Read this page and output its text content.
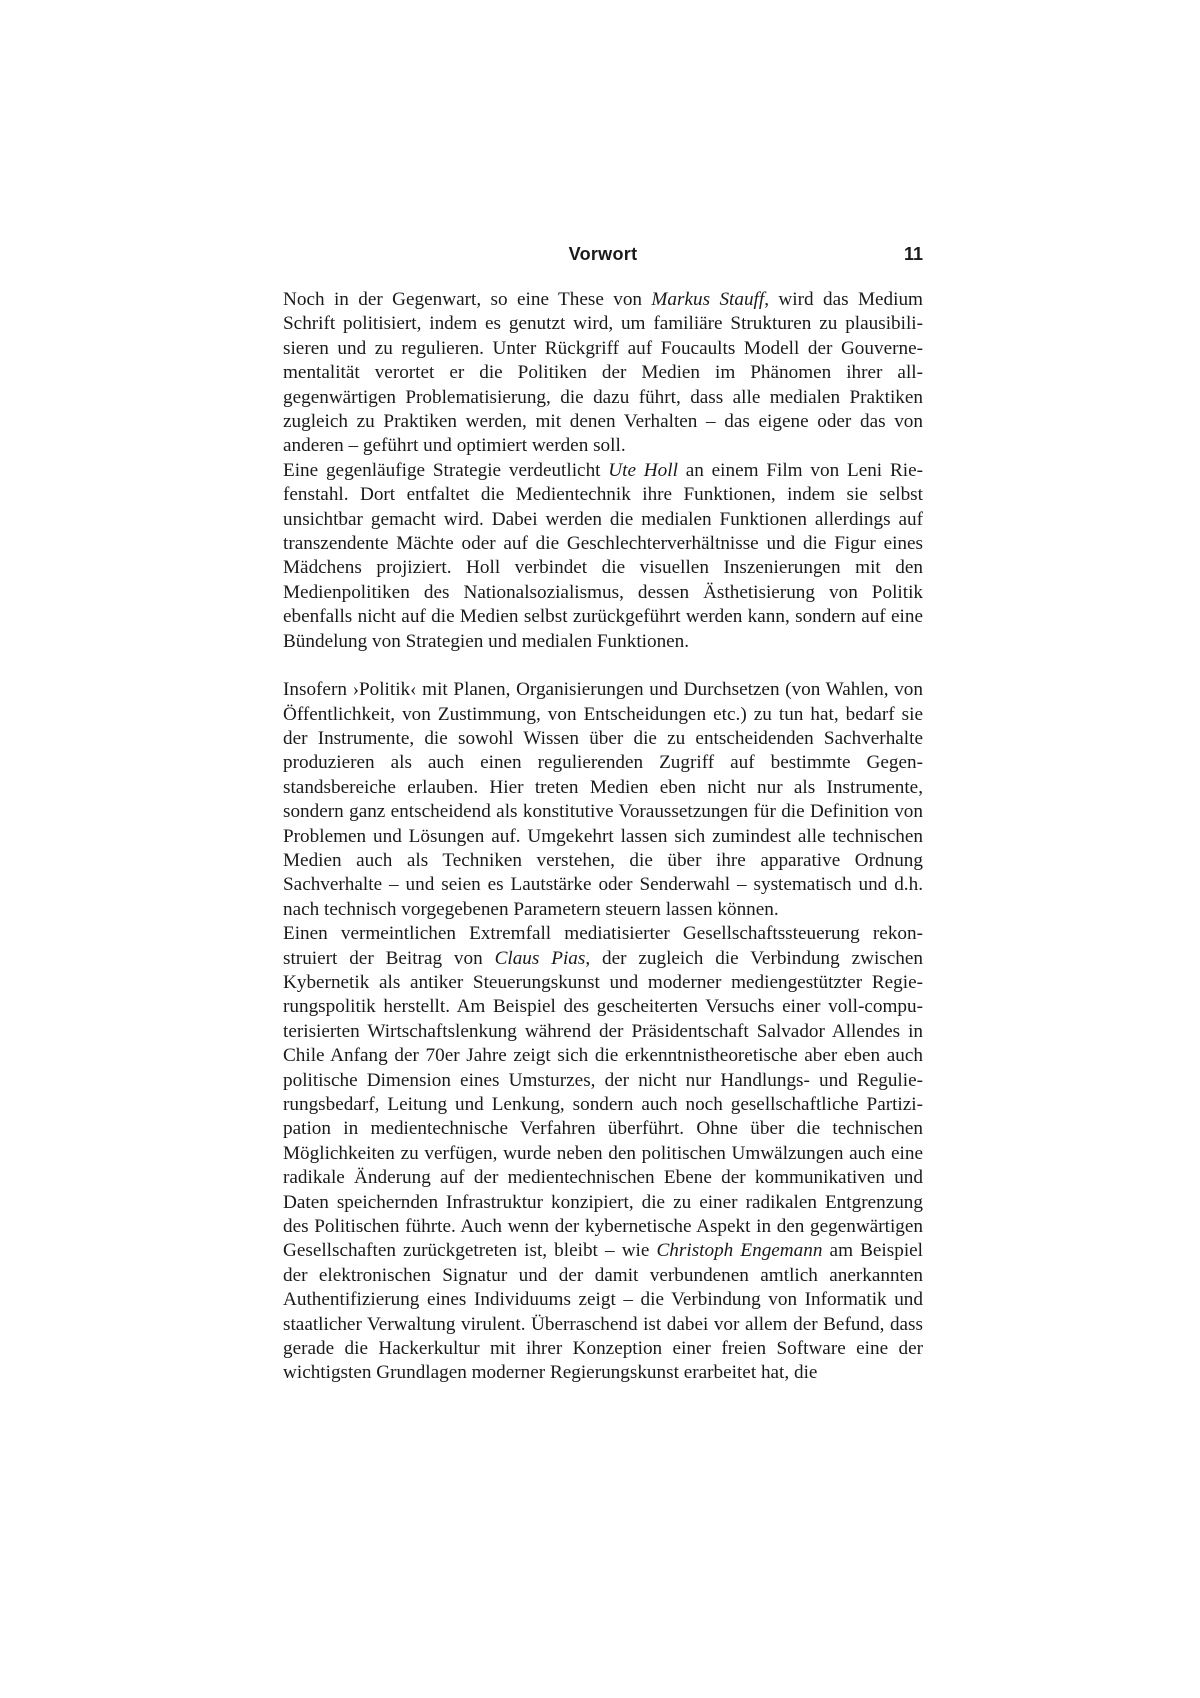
Vorwort	11

Noch in der Gegenwart, so eine These von Markus Stauff, wird das Medium Schrift politisiert, indem es genutzt wird, um familiäre Strukturen zu plausibilisieren und zu regulieren. Unter Rückgriff auf Foucaults Modell der Gouvernementalität verortet er die Politiken der Medien im Phänomen ihrer allgegenwärtigen Problematisierung, die dazu führt, dass alle medialen Praktiken zugleich zu Praktiken werden, mit denen Verhalten – das eigene oder das von anderen – geführt und optimiert werden soll.

Eine gegenläufige Strategie verdeutlicht Ute Holl an einem Film von Leni Riefenstahl. Dort entfaltet die Medientechnik ihre Funktionen, indem sie selbst unsichtbar gemacht wird. Dabei werden die medialen Funktionen allerdings auf transzendente Mächte oder auf die Geschlechterverhältnisse und die Figur eines Mädchens projiziert. Holl verbindet die visuellen Inszenierungen mit den Medienpolitiken des Nationalsozialismus, dessen Ästhetisierung von Politik ebenfalls nicht auf die Medien selbst zurückgeführt werden kann, sondern auf eine Bündelung von Strategien und medialen Funktionen.

Insofern ›Politik‹ mit Planen, Organisierungen und Durchsetzen (von Wahlen, von Öffentlichkeit, von Zustimmung, von Entscheidungen etc.) zu tun hat, bedarf sie der Instrumente, die sowohl Wissen über die zu entscheidenden Sachverhalte produzieren als auch einen regulierenden Zugriff auf bestimmte Gegenstandsbereiche erlauben. Hier treten Medien eben nicht nur als Instrumente, sondern ganz entscheidend als konstitutive Voraussetzungen für die Definition von Problemen und Lösungen auf. Umgekehrt lassen sich zumindest alle technischen Medien auch als Techniken verstehen, die über ihre apparative Ordnung Sachverhalte – und seien es Lautstärke oder Senderwahl – systematisch und d.h. nach technisch vorgegebenen Parametern steuern lassen können.

Einen vermeintlichen Extremfall mediatisierter Gesellschaftssteuerung rekonstruiert der Beitrag von Claus Pias, der zugleich die Verbindung zwischen Kybernetik als antiker Steuerungskunst und moderner mediengestützter Regierungspolitik herstellt. Am Beispiel des gescheiterten Versuchs einer voll-computerisierten Wirtschaftslenkung während der Präsidentschaft Salvador Allendes in Chile Anfang der 70er Jahre zeigt sich die erkenntnistheoretische aber eben auch politische Dimension eines Umsturzes, der nicht nur Handlungs- und Regulierungsbedarf, Leitung und Lenkung, sondern auch noch gesellschaftliche Partizipation in medientechnische Verfahren überführt. Ohne über die technischen Möglichkeiten zu verfügen, wurde neben den politischen Umwälzungen auch eine radikale Änderung auf der medientechnischen Ebene der kommunikativen und Daten speichernden Infrastruktur konzipiert, die zu einer radikalen Entgrenzung des Politischen führte. Auch wenn der kybernetische Aspekt in den gegenwärtigen Gesellschaften zurückgetreten ist, bleibt – wie Christoph Engemann am Beispiel der elektronischen Signatur und der damit verbundenen amtlich anerkannten Authentifizierung eines Individuums zeigt – die Verbindung von Informatik und staatlicher Verwaltung virulent. Überraschend ist dabei vor allem der Befund, dass gerade die Hackerkultur mit ihrer Konzeption einer freien Software eine der wichtigsten Grundlagen moderner Regierungskunst erarbeitet hat, die
